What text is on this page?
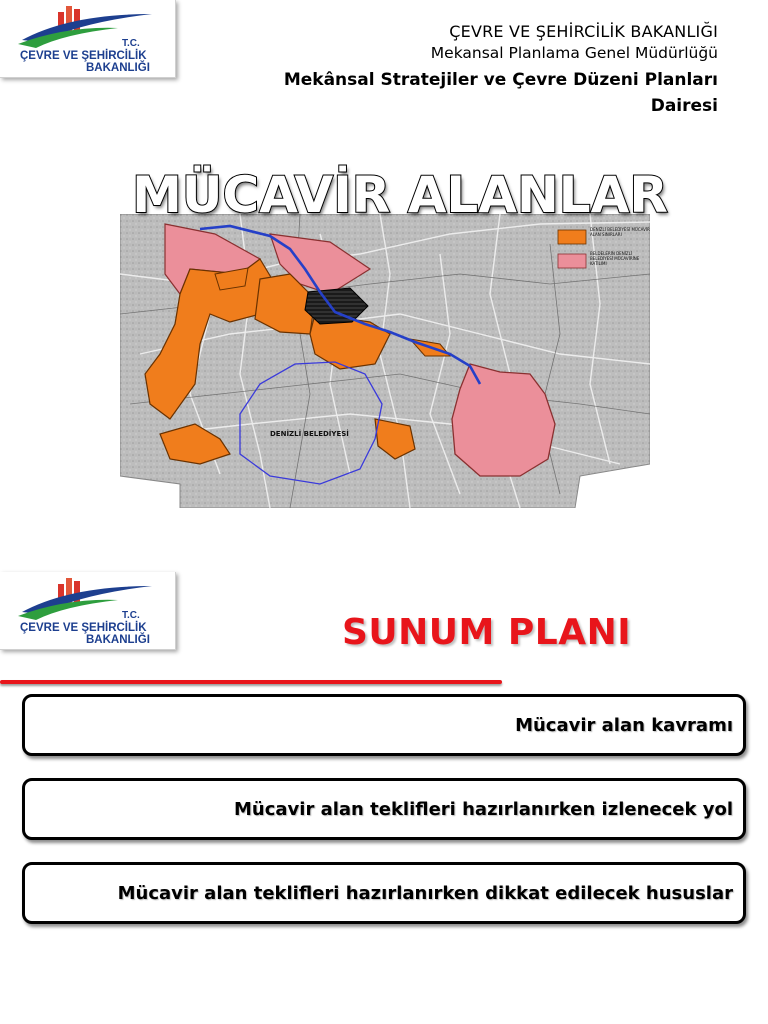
T.C.
ÇEVRE VE ŞEHİRCİLİK
BAKANLIĞI
ÇEVRE VE ŞEHİRCİLİK BAKANLIĞI
Mekansal Planlama Genel Müdürlüğü
Mekânsal Stratejiler ve Çevre Düzeni Planları
Dairesi
MÜCAVİR ALANLAR
DENİZLİ BELEDİYESİ
DENİZLİ BELEDİYESİ MÜCAVİR ALAN SINIRLARI
BELDELERİN DENİZLİ BELEDİYESİ MÜCAVİRİNE KATILIMI
T.C.
ÇEVRE VE ŞEHİRCİLİK
BAKANLIĞI	SUNUM PLANI
Mücavir alan kavramı
Mücavir alan teklifleri hazırlanırken izlenecek yol
Mücavir alan teklifleri hazırlanırken dikkat edilecek hususlar
